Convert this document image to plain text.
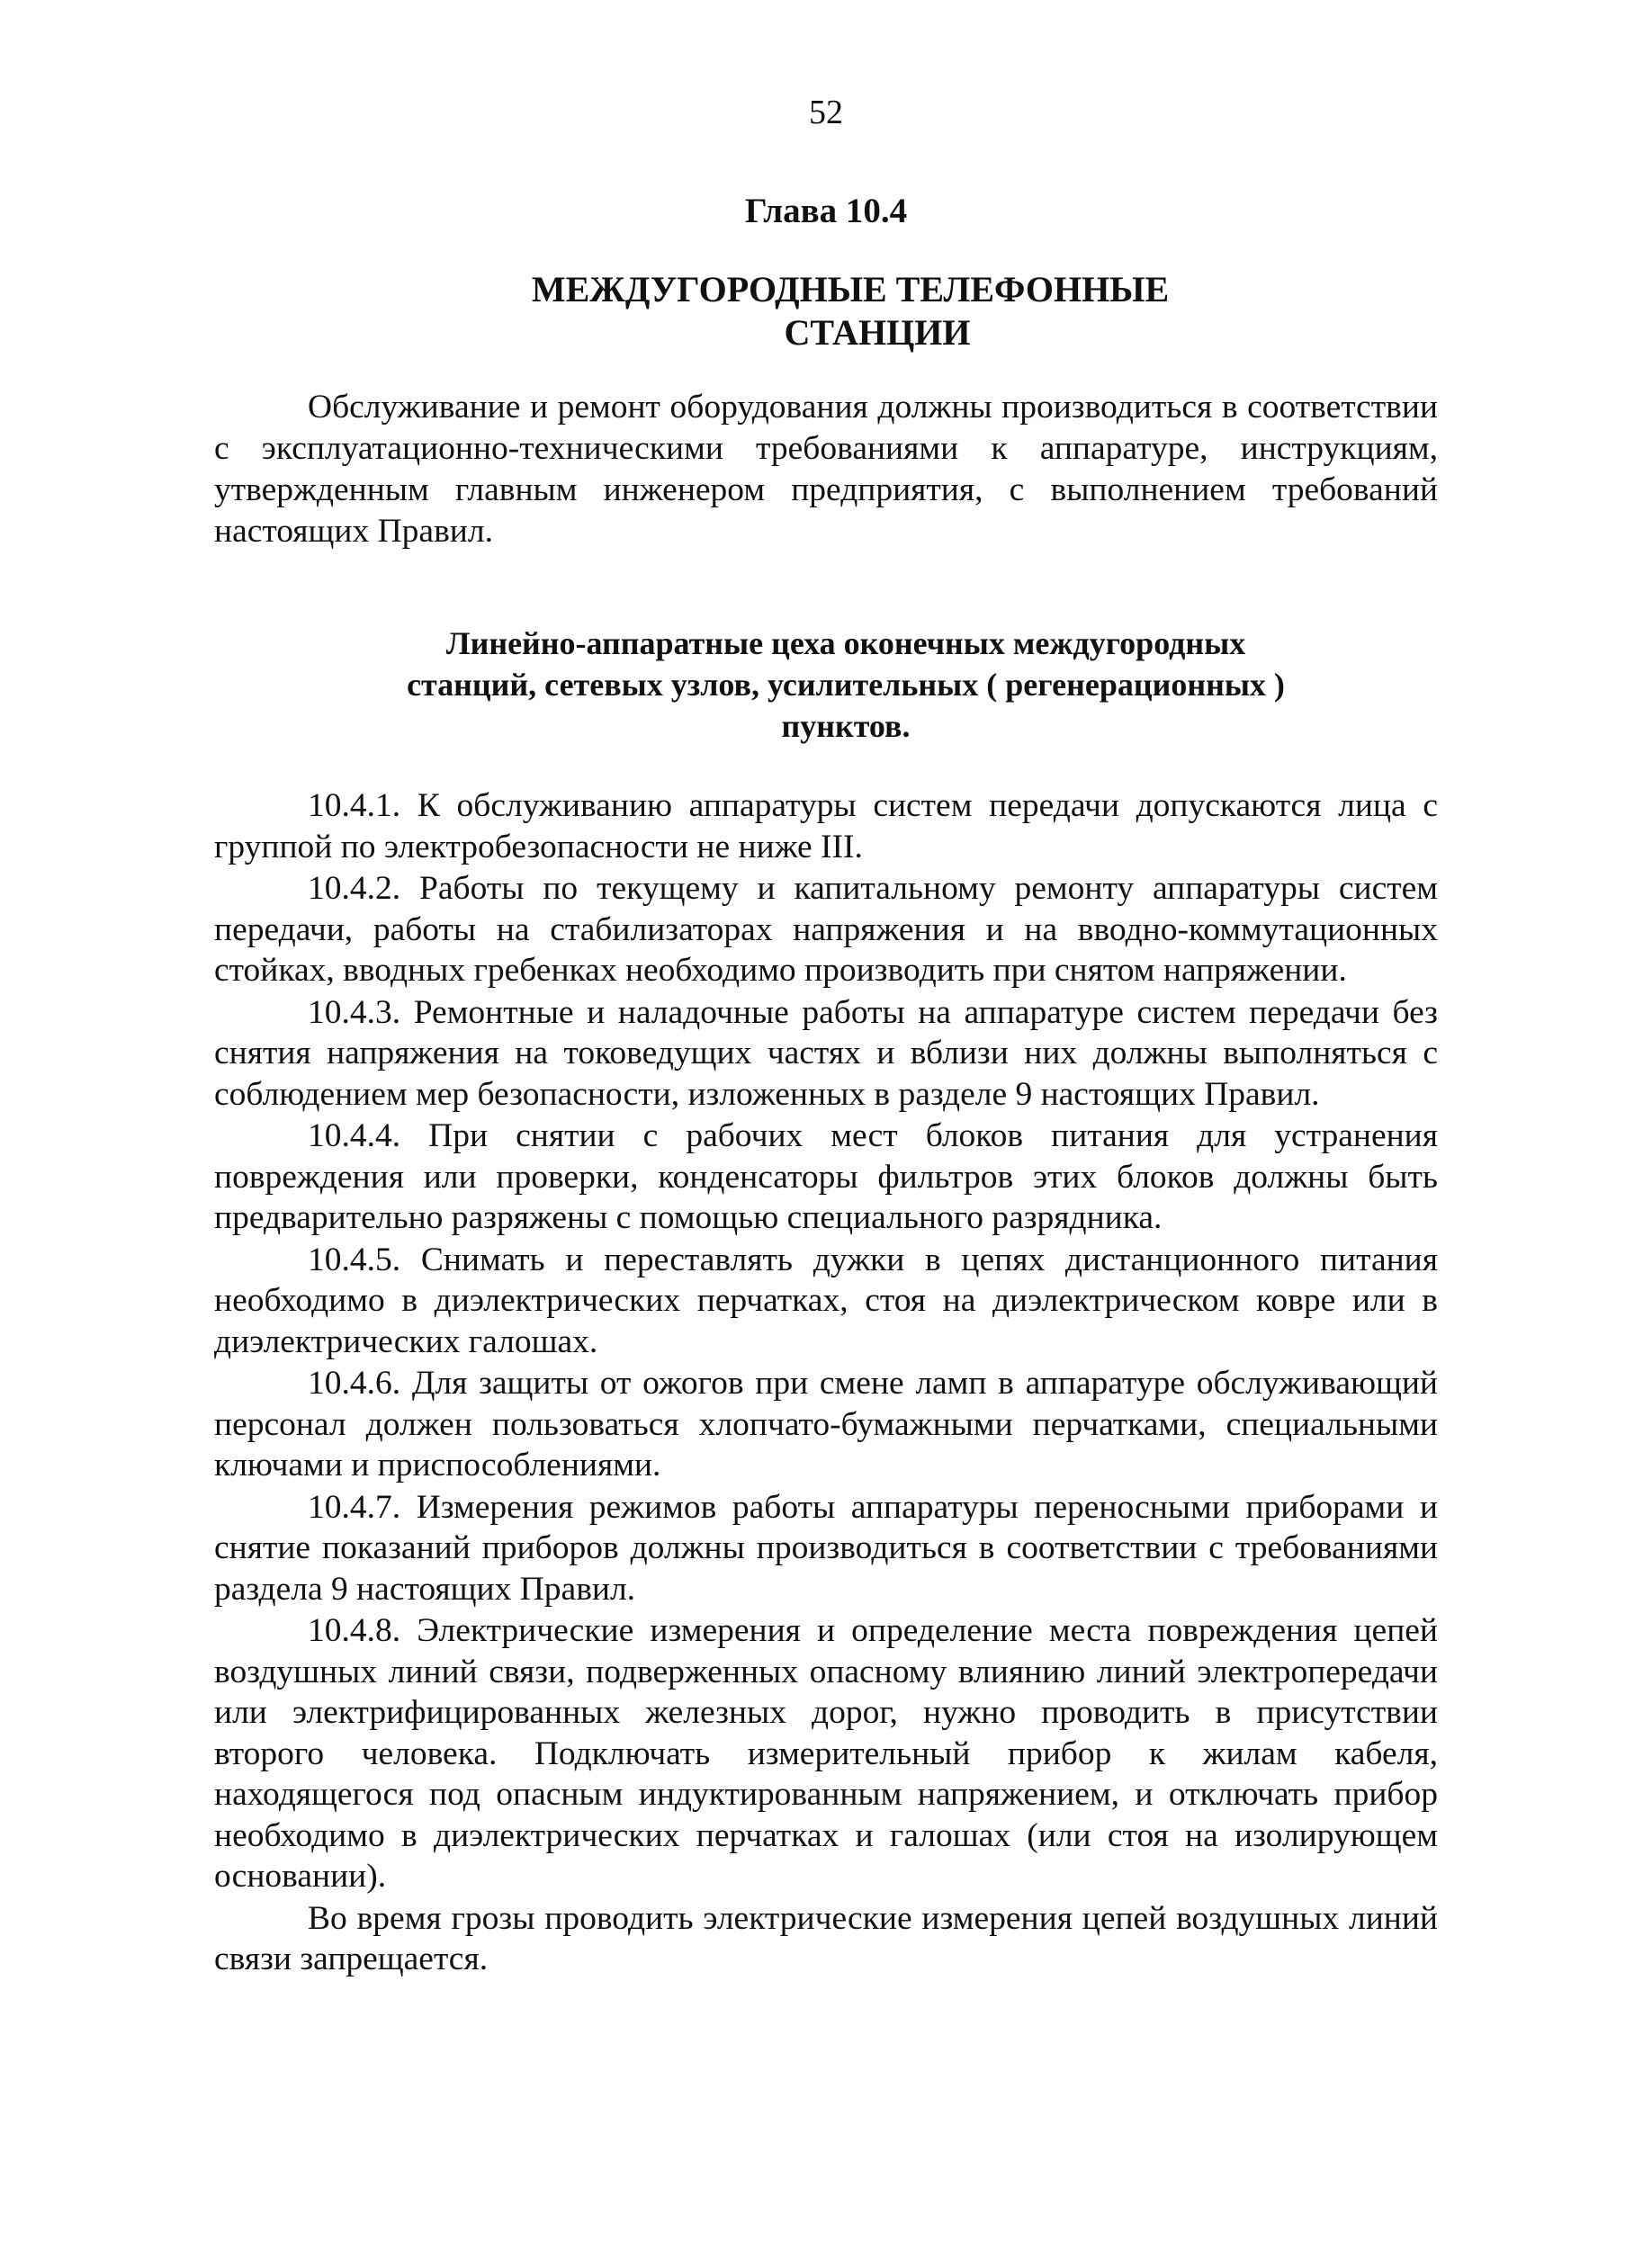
52
Глава 10.4
МЕЖДУГОРОДНЫЕ ТЕЛЕФОННЫЕ
СТАНЦИИ

Обслуживание и ремонт оборудования должны производиться в соответствии с эксплуатационно-техническими требованиями к аппаратуре, инструкциям, утвержденным главным инженером предприятия, с выполнением требований настоящих Правил.

Линейно-аппаратные цеха оконечных междугородных
станций, сетевых узлов, усилительных ( регенерационных )
пунктов.

10.4.1. К обслуживанию аппаратуры систем передачи допускаются лица с группой по электробезопасности не ниже III.

10.4.2. Работы по текущему и капитальному ремонту аппаратуры систем передачи, работы на стабилизаторах напряжения и на вводно-коммутационных стойках, вводных гребенках необходимо производить при снятом напряжении.

10.4.3. Ремонтные и наладочные работы на аппаратуре систем передачи без снятия напряжения на токоведущих частях и вблизи них должны выполняться с соблюдением мер безопасности, изложенных в разделе 9 настоящих Правил.

10.4.4. При снятии с рабочих мест блоков питания для устранения повреждения или проверки, конденсаторы фильтров этих блоков должны быть предварительно разряжены с помощью специального разрядника.

10.4.5. Снимать и переставлять дужки в цепях дистанционного питания необходимо в диэлектрических перчатках, стоя на диэлектрическом ковре или в диэлектрических галошах.

10.4.6. Для защиты от ожогов при смене ламп в аппаратуре обслуживающий персонал должен пользоваться хлопчато-бумажными перчатками, специальными ключами и приспособлениями.

10.4.7. Измерения режимов работы аппаратуры переносными приборами и снятие показаний приборов должны производиться в соответствии с требованиями раздела 9 настоящих Правил.

10.4.8. Электрические измерения и определение места повреждения цепей воздушных линий связи, подверженных опасному влиянию линий электропередачи или электрифицированных железных дорог, нужно проводить в присутствии второго человека. Подключать измерительный прибор к жилам кабеля, находящегося под опасным индуктированным напряжением, и отключать прибор необходимо в диэлектрических перчатках и галошах (или стоя на изолирующем основании).

Во время грозы проводить электрические измерения цепей воздушных линий связи запрещается.
